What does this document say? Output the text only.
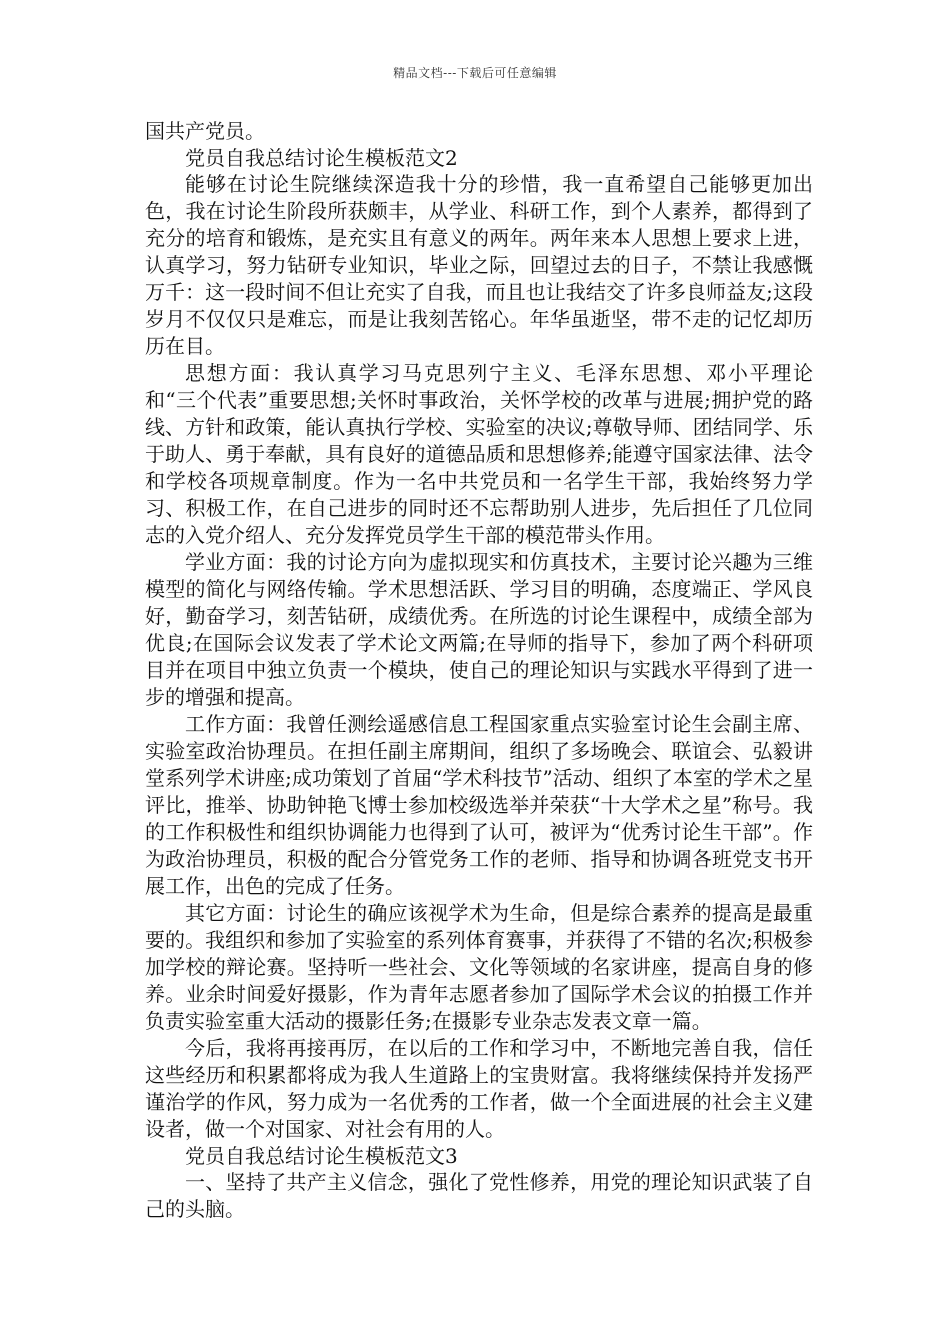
精品文档---下载后可任意编辑

国共产党员。

党员自我总结讨论生模板范文2

能够在讨论生院继续深造我十分的珍惜，我一直希望自己能够更加出色，我在讨论生阶段所获颇丰，从学业、科研工作，到个人素养，都得到了充分的培育和锻炼，是充实且有意义的两年。两年来本人思想上要求上进，认真学习，努力钻研专业知识，毕业之际，回望过去的日子，不禁让我感慨万千：这一段时间不但让充实了自我，而且也让我结交了许多良师益友;这段岁月不仅仅只是难忘，而是让我刻苦铭心。年华虽逝坚，带不走的记忆却历历在目。

思想方面：我认真学习马克思列宁主义、毛泽东思想、邓小平理论和“三个代表”重要思想;关怀时事政治，关怀学校的改革与进展;拥护党的路线、方针和政策，能认真执行学校、实验室的决议;尊敬导师、团结同学、乐于助人、勇于奉献，具有良好的道德品质和思想修养;能遵守国家法律、法令和学校各项规章制度。作为一名中共党员和一名学生干部，我始终努力学习、积极工作，在自己进步的同时还不忘帮助别人进步，先后担任了几位同志的入党介绍人、充分发挥党员学生干部的模范带头作用。

学业方面：我的讨论方向为虚拟现实和仿真技术，主要讨论兴趣为三维模型的简化与网络传输。学术思想活跃、学习目的明确，态度端正、学风良好，勤奋学习，刻苦钻研，成绩优秀。在所选的讨论生课程中，成绩全部为优良;在国际会议发表了学术论文两篇;在导师的指导下，参加了两个科研项目并在项目中独立负责一个模块，使自己的理论知识与实践水平得到了进一步的增强和提高。

工作方面：我曾任测绘遥感信息工程国家重点实验室讨论生会副主席、实验室政治协理员。在担任副主席期间，组织了多场晚会、联谊会、弘毅讲堂系列学术讲座;成功策划了首届“学术科技节”活动、组织了本室的学术之星评比，推举、协助钟艳飞博士参加校级选举并荣获“十大学术之星”称号。我的工作积极性和组织协调能力也得到了认可，被评为“优秀讨论生干部”。作为政治协理员，积极的配合分管党务工作的老师、指导和协调各班党支书开展工作，出色的完成了任务。

其它方面：讨论生的确应该视学术为生命，但是综合素养的提高是最重要的。我组织和参加了实验室的系列体育赛事，并获得了不错的名次;积极参加学校的辩论赛。坚持听一些社会、文化等领域的名家讲座，提高自身的修养。业余时间爱好摄影，作为青年志愿者参加了国际学术会议的拍摄工作并负责实验室重大活动的摄影任务;在摄影专业杂志发表文章一篇。

今后，我将再接再厉，在以后的工作和学习中，不断地完善自我，信任这些经历和积累都将成为我人生道路上的宝贵财富。我将继续保持并发扬严谨治学的作风，努力成为一名优秀的工作者，做一个全面进展的社会主义建设者，做一个对国家、对社会有用的人。

党员自我总结讨论生模板范文3

一、坚持了共产主义信念，强化了党性修养，用党的理论知识武装了自己的头脑。
